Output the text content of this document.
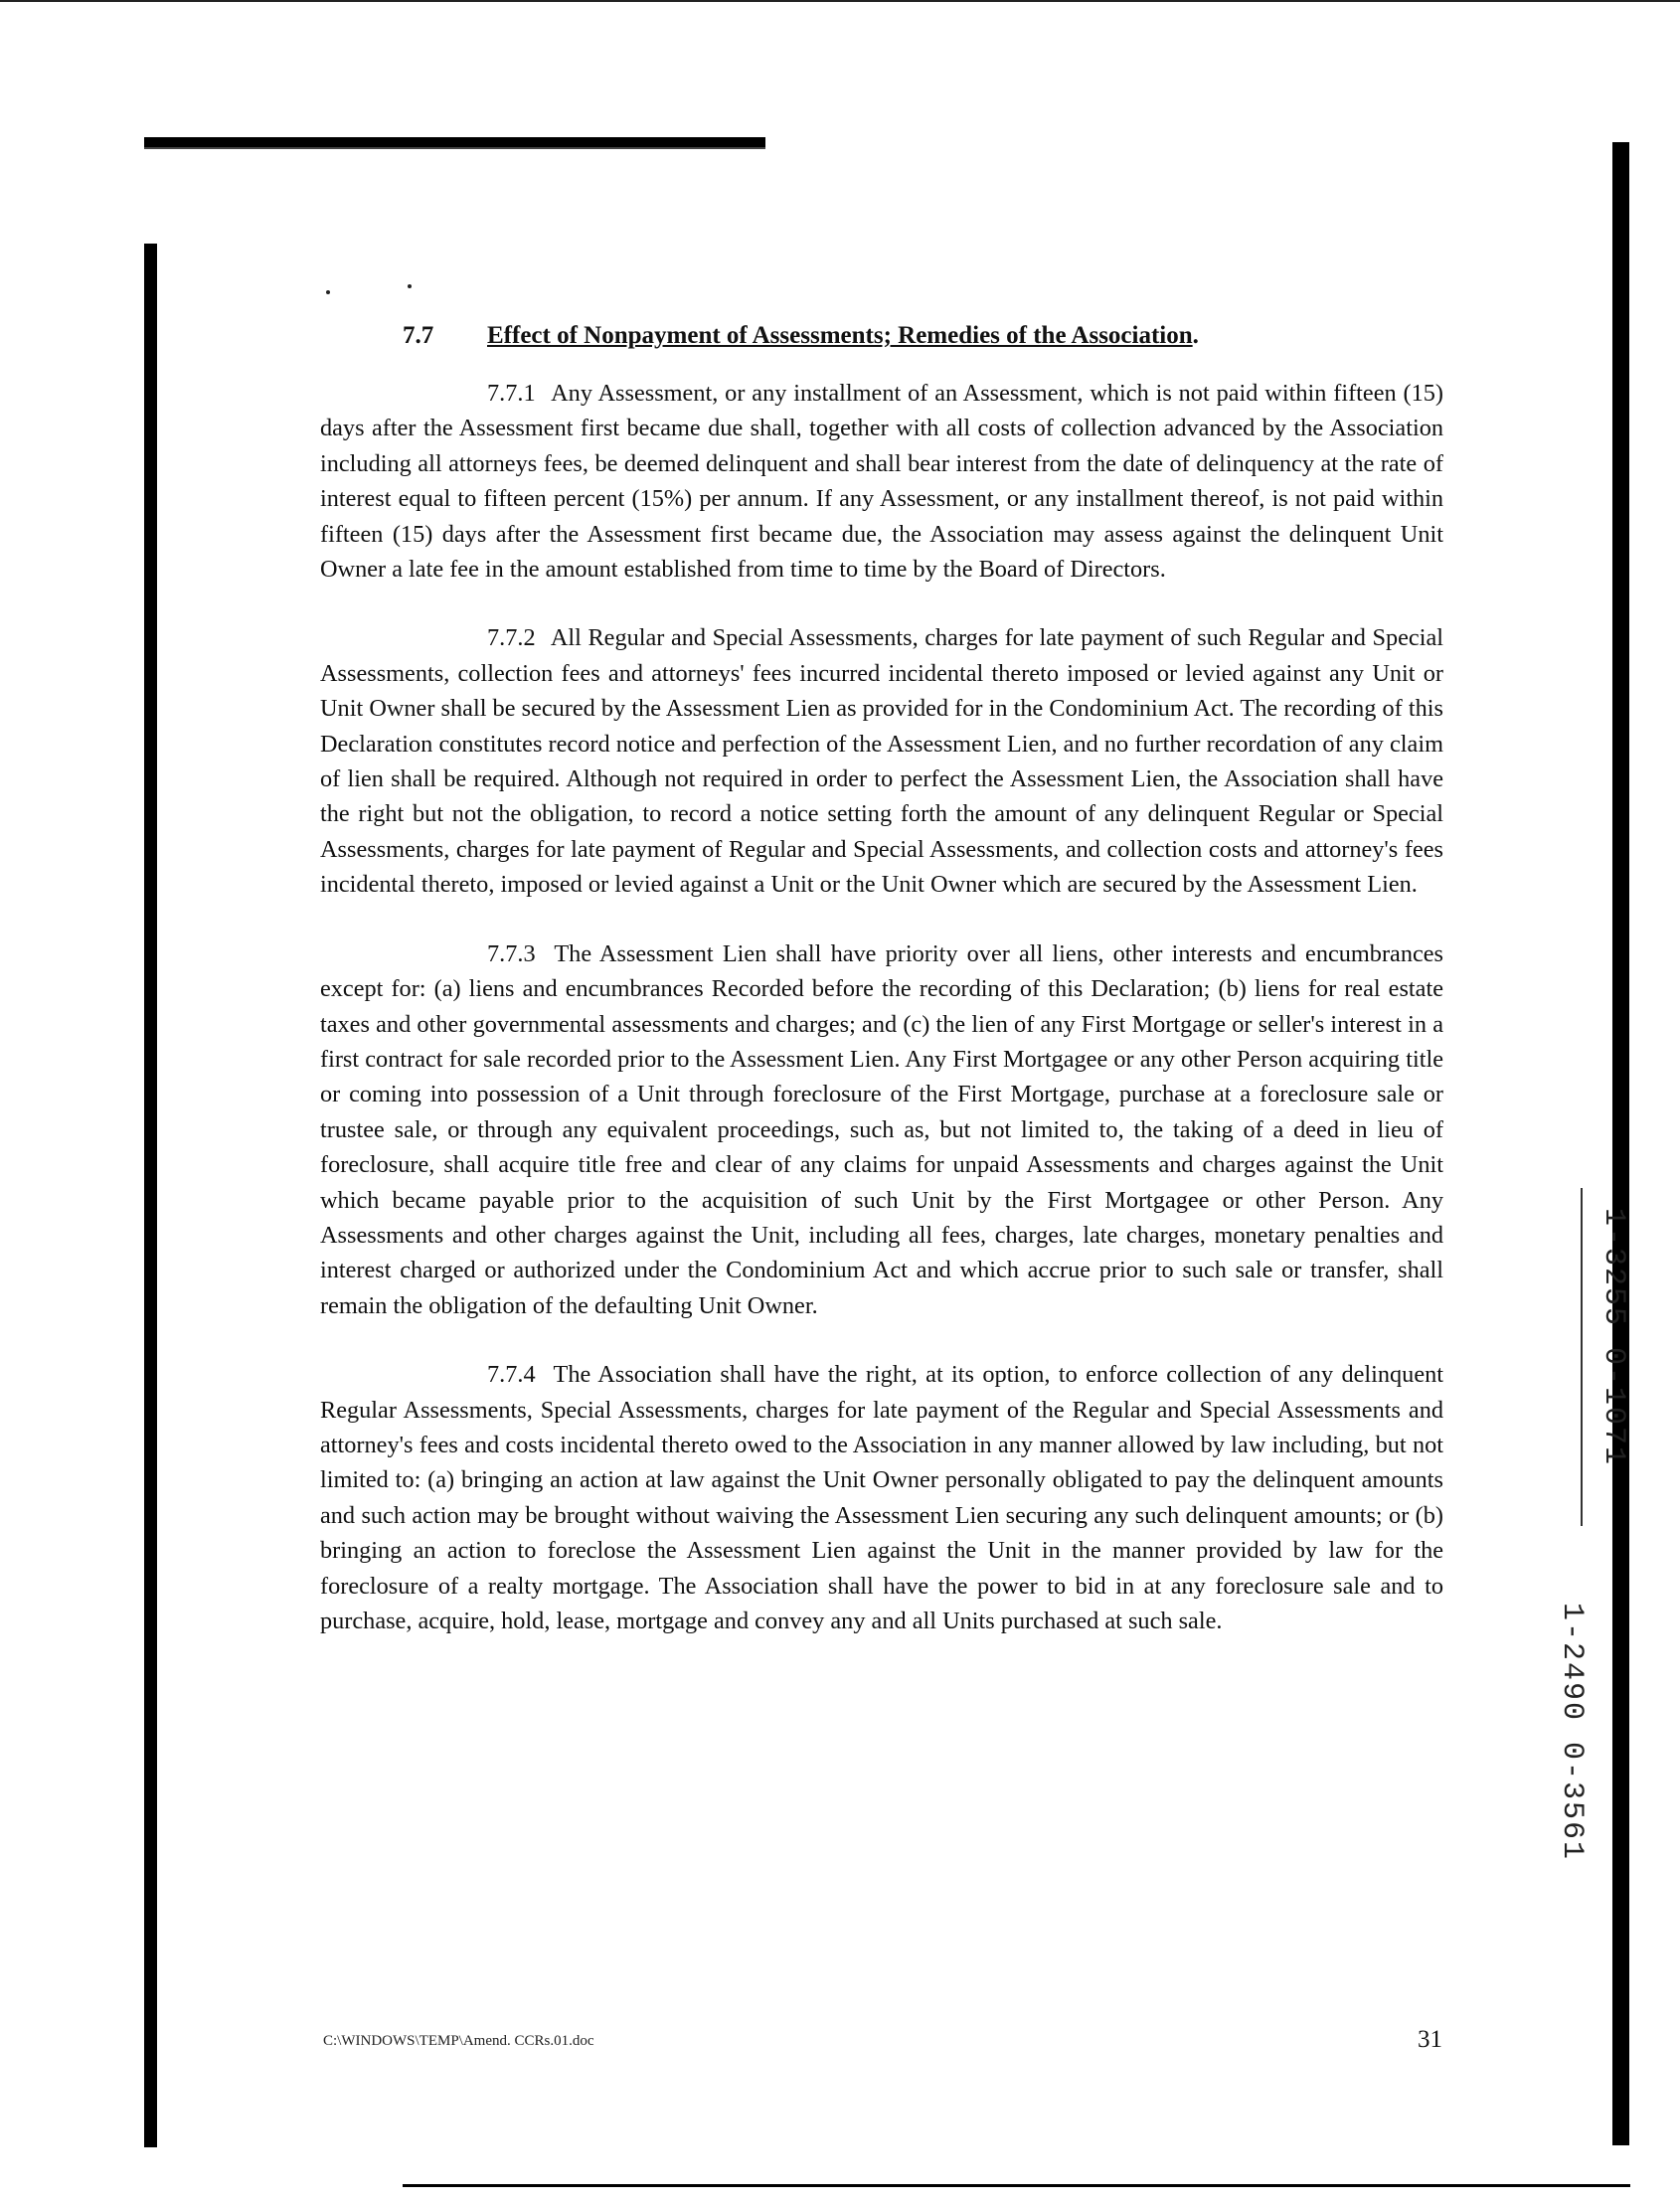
7.7 Effect of Nonpayment of Assessments; Remedies of the Association.

7.7.1 Any Assessment, or any installment of an Assessment, which is not paid within fifteen (15) days after the Assessment first became due shall, together with all costs of collection advanced by the Association including all attorneys fees, be deemed delinquent and shall bear interest from the date of delinquency at the rate of interest equal to fifteen percent (15%) per annum. If any Assessment, or any installment thereof, is not paid within fifteen (15) days after the Assessment first became due, the Association may assess against the delinquent Unit Owner a late fee in the amount established from time to time by the Board of Directors.

7.7.2 All Regular and Special Assessments, charges for late payment of such Regular and Special Assessments, collection fees and attorneys' fees incurred incidental thereto imposed or levied against any Unit or Unit Owner shall be secured by the Assessment Lien as provided for in the Condominium Act. The recording of this Declaration constitutes record notice and perfection of the Assessment Lien, and no further recordation of any claim of lien shall be required. Although not required in order to perfect the Assessment Lien, the Association shall have the right but not the obligation, to record a notice setting forth the amount of any delinquent Regular or Special Assessments, charges for late payment of Regular and Special Assessments, and collection costs and attorney's fees incidental thereto, imposed or levied against a Unit or the Unit Owner which are secured by the Assessment Lien.

7.7.3 The Assessment Lien shall have priority over all liens, other interests and encumbrances except for: (a) liens and encumbrances Recorded before the recording of this Declaration; (b) liens for real estate taxes and other governmental assessments and charges; and (c) the lien of any First Mortgage or seller's interest in a first contract for sale recorded prior to the Assessment Lien. Any First Mortgagee or any other Person acquiring title or coming into possession of a Unit through foreclosure of the First Mortgage, purchase at a foreclosure sale or trustee sale, or through any equivalent proceedings, such as, but not limited to, the taking of a deed in lieu of foreclosure, shall acquire title free and clear of any claims for unpaid Assessments and charges against the Unit which became payable prior to the acquisition of such Unit by the First Mortgagee or other Person. Any Assessments and other charges against the Unit, including all fees, charges, late charges, monetary penalties and interest charged or authorized under the Condominium Act and which accrue prior to such sale or transfer, shall remain the obligation of the defaulting Unit Owner.

7.7.4 The Association shall have the right, at its option, to enforce collection of any delinquent Regular Assessments, Special Assessments, charges for late payment of the Regular and Special Assessments and attorney's fees and costs incidental thereto owed to the Association in any manner allowed by law including, but not limited to: (a) bringing an action at law against the Unit Owner personally obligated to pay the delinquent amounts and such action may be brought without waiving the Assessment Lien securing any such delinquent amounts; or (b) bringing an action to foreclose the Assessment Lien against the Unit in the manner provided by law for the foreclosure of a realty mortgage. The Association shall have the power to bid in at any foreclosure sale and to purchase, acquire, hold, lease, mortgage and convey any and all Units purchased at such sale.

C:\WINDOWS\TEMP\Amend. CCRs.01.doc	31
1-3255 0-1071
1-2490 0-3561
